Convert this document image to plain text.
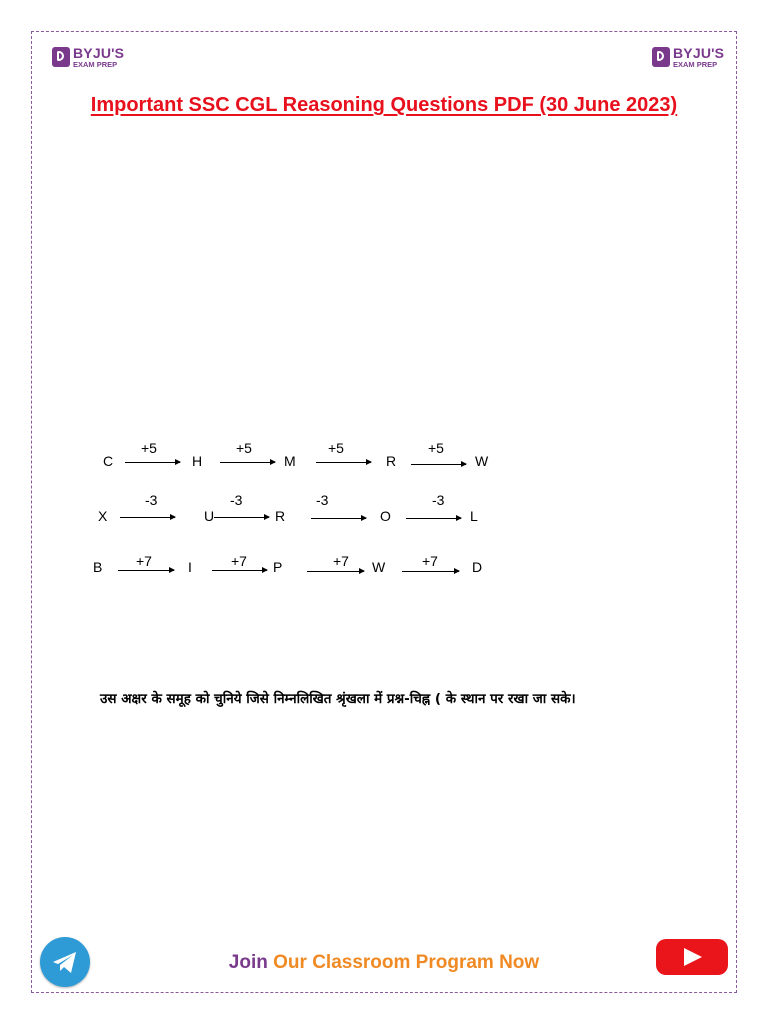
BYJU'S
EXAM PREP
BYJU'S
EXAM PREP
Important SSC CGL Reasoning Questions PDF (30 June 2023)
C
+5
H
+5
M
+5
R
+5
W
X
-3
U
-3
R
-3
O
-3
L
B +7	I	+7 P	+7 W	+7 D
उस अक्षर के समूह को चुनिये जिसे निम्नलिखित श्रृंखला में प्रश्न-चिह्न ( के स्थान पर रखा जा सके।
Join Our Classroom Program Now
